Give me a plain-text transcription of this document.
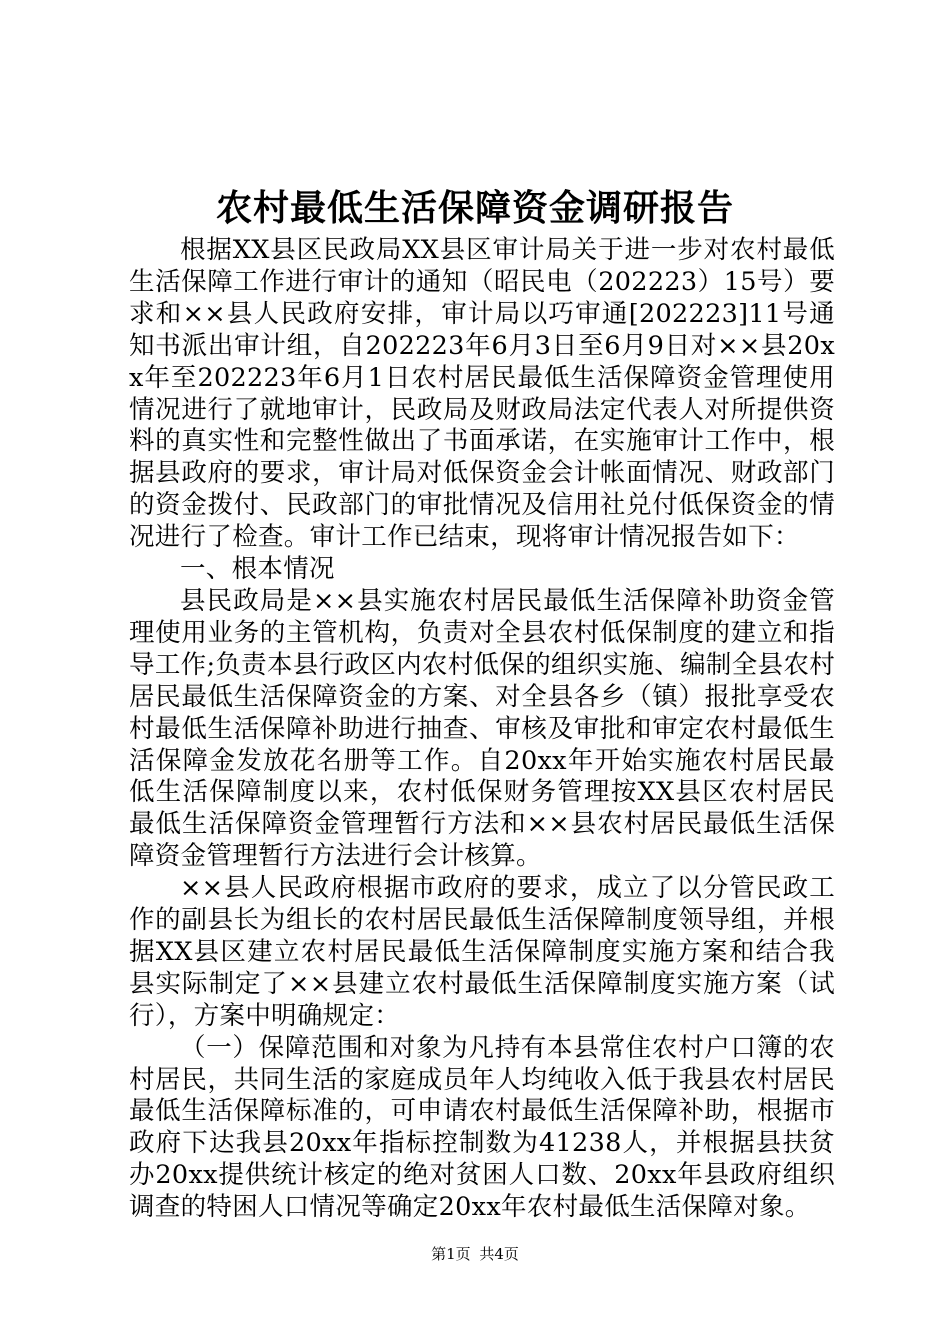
农村最低生活保障资金调研报告

根据XX县区民政局XX县区审计局关于进一步对农村最低生活保障工作进行审计的通知（昭民电（202223）15号）要求和××县人民政府安排，审计局以巧审通[202223]11号通知书派出审计组，自202223年6月3日至6月9日对××县20xx年至202223年6月1日农村居民最低生活保障资金管理使用情况进行了就地审计，民政局及财政局法定代表人对所提供资料的真实性和完整性做出了书面承诺，在实施审计工作中，根据县政府的要求，审计局对低保资金会计帐面情况、财政部门的资金拨付、民政部门的审批情况及信用社兑付低保资金的情况进行了检查。审计工作已结束，现将审计情况报告如下：

一、根本情况

县民政局是××县实施农村居民最低生活保障补助资金管理使用业务的主管机构，负责对全县农村低保制度的建立和指导工作;负责本县行政区内农村低保的组织实施、编制全县农村居民最低生活保障资金的方案、对全县各乡（镇）报批享受农村最低生活保障补助进行抽查、审核及审批和审定农村最低生活保障金发放花名册等工作。自20xx年开始实施农村居民最低生活保障制度以来，农村低保财务管理按XX县区农村居民最低生活保障资金管理暂行方法和××县农村居民最低生活保障资金管理暂行方法进行会计核算。

××县人民政府根据市政府的要求，成立了以分管民政工作的副县长为组长的农村居民最低生活保障制度领导组，并根据XX县区建立农村居民最低生活保障制度实施方案和结合我县实际制定了××县建立农村最低生活保障制度实施方案（试行），方案中明确规定：

（一）保障范围和对象为凡持有本县常住农村户口簿的农村居民，共同生活的家庭成员年人均纯收入低于我县农村居民最低生活保障标准的，可申请农村最低生活保障补助，根据市政府下达我县20xx年指标控制数为41238人，并根据县扶贫办20xx提供统计核定的绝对贫困人口数、20xx年县政府组织调查的特困人口情况等确定20xx年农村最低生活保障对象。

第1页 共4页
